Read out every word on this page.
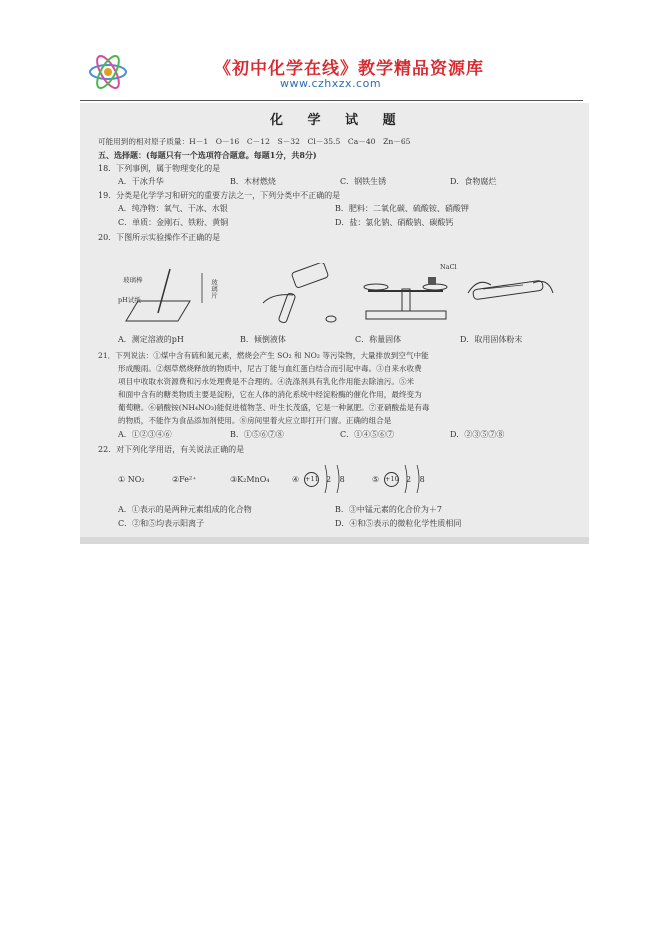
《初中化学在线》教学精品资源库
www.czhxzx.com
化 学 试 题
可能用到的相对原子质量：H－1　O－16　C－12　S－32　Cl－35.5　Ca－40　Zn－65
五、选择题：(每题只有一个选项符合题意。每题1分，共8分)
18．下列事例，属于物理变化的是
A．干冰升华	B．木材燃烧	C．钢铁生锈	D．食物腐烂
19．分类是化学学习和研究的重要方法之一，下列分类中不正确的是
A．纯净物：氧气、干冰、水银	B．肥料：二氧化碳、硫酸铵、硝酸钾
C．单质：金刚石、铁粉、黄铜	D．盐：氯化钠、硝酸钠、碳酸钙
20．下图所示实验操作不正确的是
玻璃棒
pH试纸
玻璃片
NaCl
A．测定溶液的pH	B．倾倒液体	C．称量固体	D．取用固体粉末
21．下列说法：①煤中含有硫和氮元素，燃烧会产生 SO₂ 和 NO₂ 等污染物，大量排放到空气中能
形成酸雨。②烟草燃烧释放的物质中，尼古丁能与血红蛋白结合而引起中毒。③自来水收费
项目中收取水资源费和污水处理费是不合理的。④洗涤剂具有乳化作用能去除油污。⑤米
和面中含有的糖类物质主要是淀粉，它在人体的消化系统中经淀粉酶的催化作用，最终变为
葡萄糖。⑥硝酸铵(NH₄NO₃)能促进植物茎、叶生长茂盛，它是一种氮肥。⑦亚硝酸盐是有毒
的物质，不能作为食品添加剂使用。⑧房间里着火应立即打开门窗。正确的组合是
A．①②③④⑥	B．①⑤⑥⑦⑧	C．①④⑤⑥⑦	D．②③⑤⑦⑧
22．对下列化学用语，有关说法正确的是
① NO₂	②Fe²⁺	③K₂MnO₄	④ +11 2 8	⑤ +10 2 8
A．①表示的是两种元素组成的化合物	B．③中锰元素的化合价为＋7
C．②和⑤均表示阳离子	D．④和⑤表示的微粒化学性质相同
